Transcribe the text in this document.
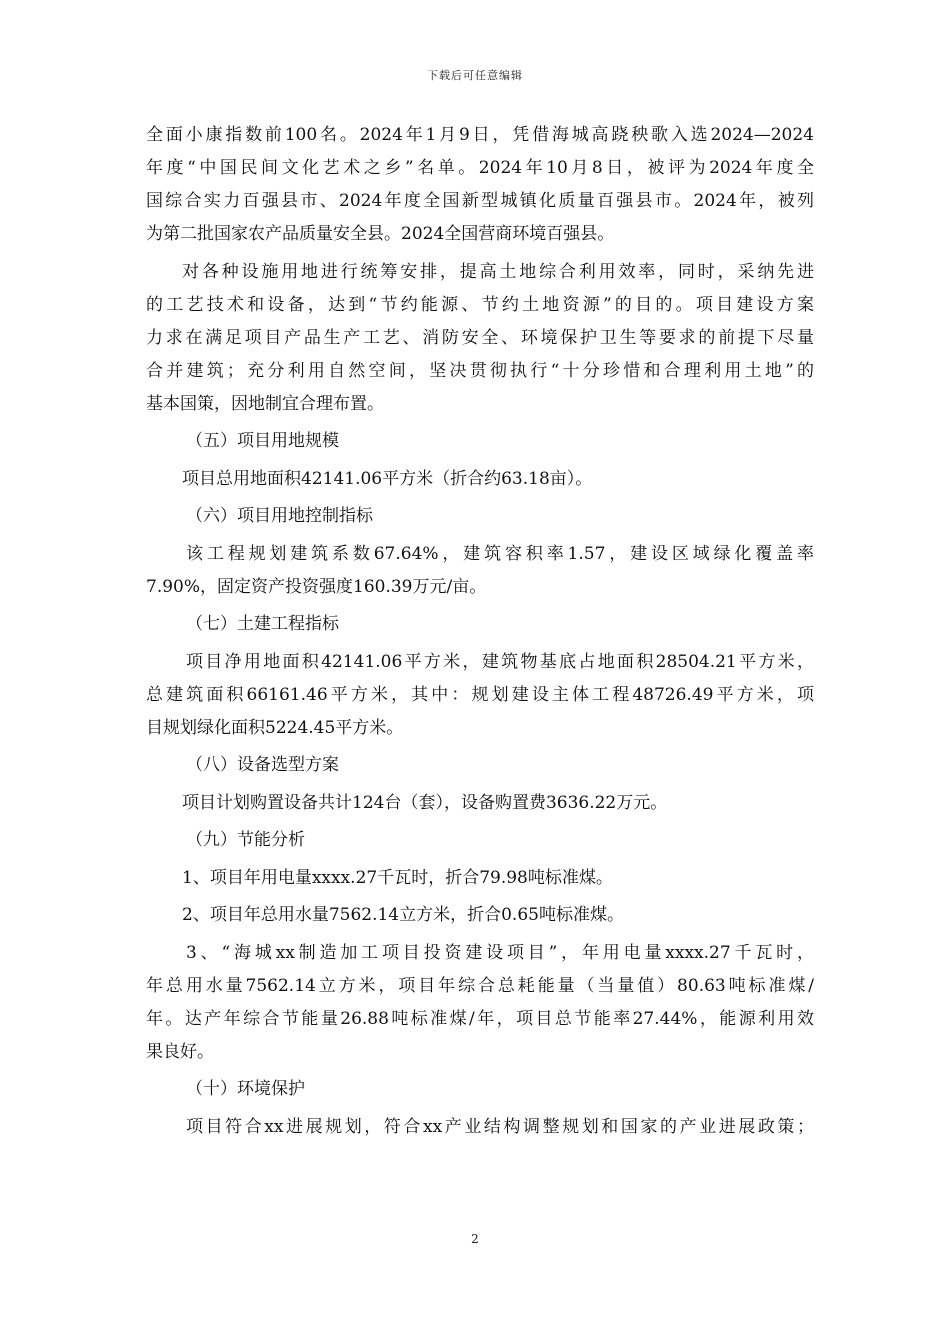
下载后可任意编辑

全面小康指数前100名。2024年1月9日，凭借海城高跷秧歌入选2024—2024

年度“中国民间文化艺术之乡”名单。2024年10月8日，被评为2024年度全

国综合实力百强县市、2024年度全国新型城镇化质量百强县市。2024年，被列

为第二批国家农产品质量安全县。2024全国营商环境百强县。

对各种设施用地进行统筹安排，提高土地综合利用效率，同时，采纳先进

的工艺技术和设备，达到“节约能源、节约土地资源”的目的。项目建设方案

力求在满足项目产品生产工艺、消防安全、环境保护卫生等要求的前提下尽量

合并建筑；充分利用自然空间，坚决贯彻执行“十分珍惜和合理利用土地”的

基本国策，因地制宜合理布置。

（五）项目用地规模

项目总用地面积42141.06平方米（折合约63.18亩）。

（六）项目用地控制指标

该工程规划建筑系数67.64%，建筑容积率1.57，建设区域绿化覆盖率

7.90%，固定资产投资强度160.39万元/亩。

（七）土建工程指标

项目净用地面积42141.06平方米，建筑物基底占地面积28504.21平方米，

总建筑面积66161.46平方米，其中：规划建设主体工程48726.49平方米，项

目规划绿化面积5224.45平方米。

（八）设备选型方案

项目计划购置设备共计124台（套），设备购置费3636.22万元。

（九）节能分析

1、项目年用电量xxxx.27千瓦时，折合79.98吨标准煤。

2、项目年总用水量7562.14立方米，折合0.65吨标准煤。

3、“海城xx制造加工项目投资建设项目”，年用电量xxxx.27千瓦时，

年总用水量7562.14立方米，项目年综合总耗能量（当量值）80.63吨标准煤/

年。达产年综合节能量26.88吨标准煤/年，项目总节能率27.44%，能源利用效

果良好。

（十）环境保护

项目符合xx进展规划，符合xx产业结构调整规划和国家的产业进展政策；

2
